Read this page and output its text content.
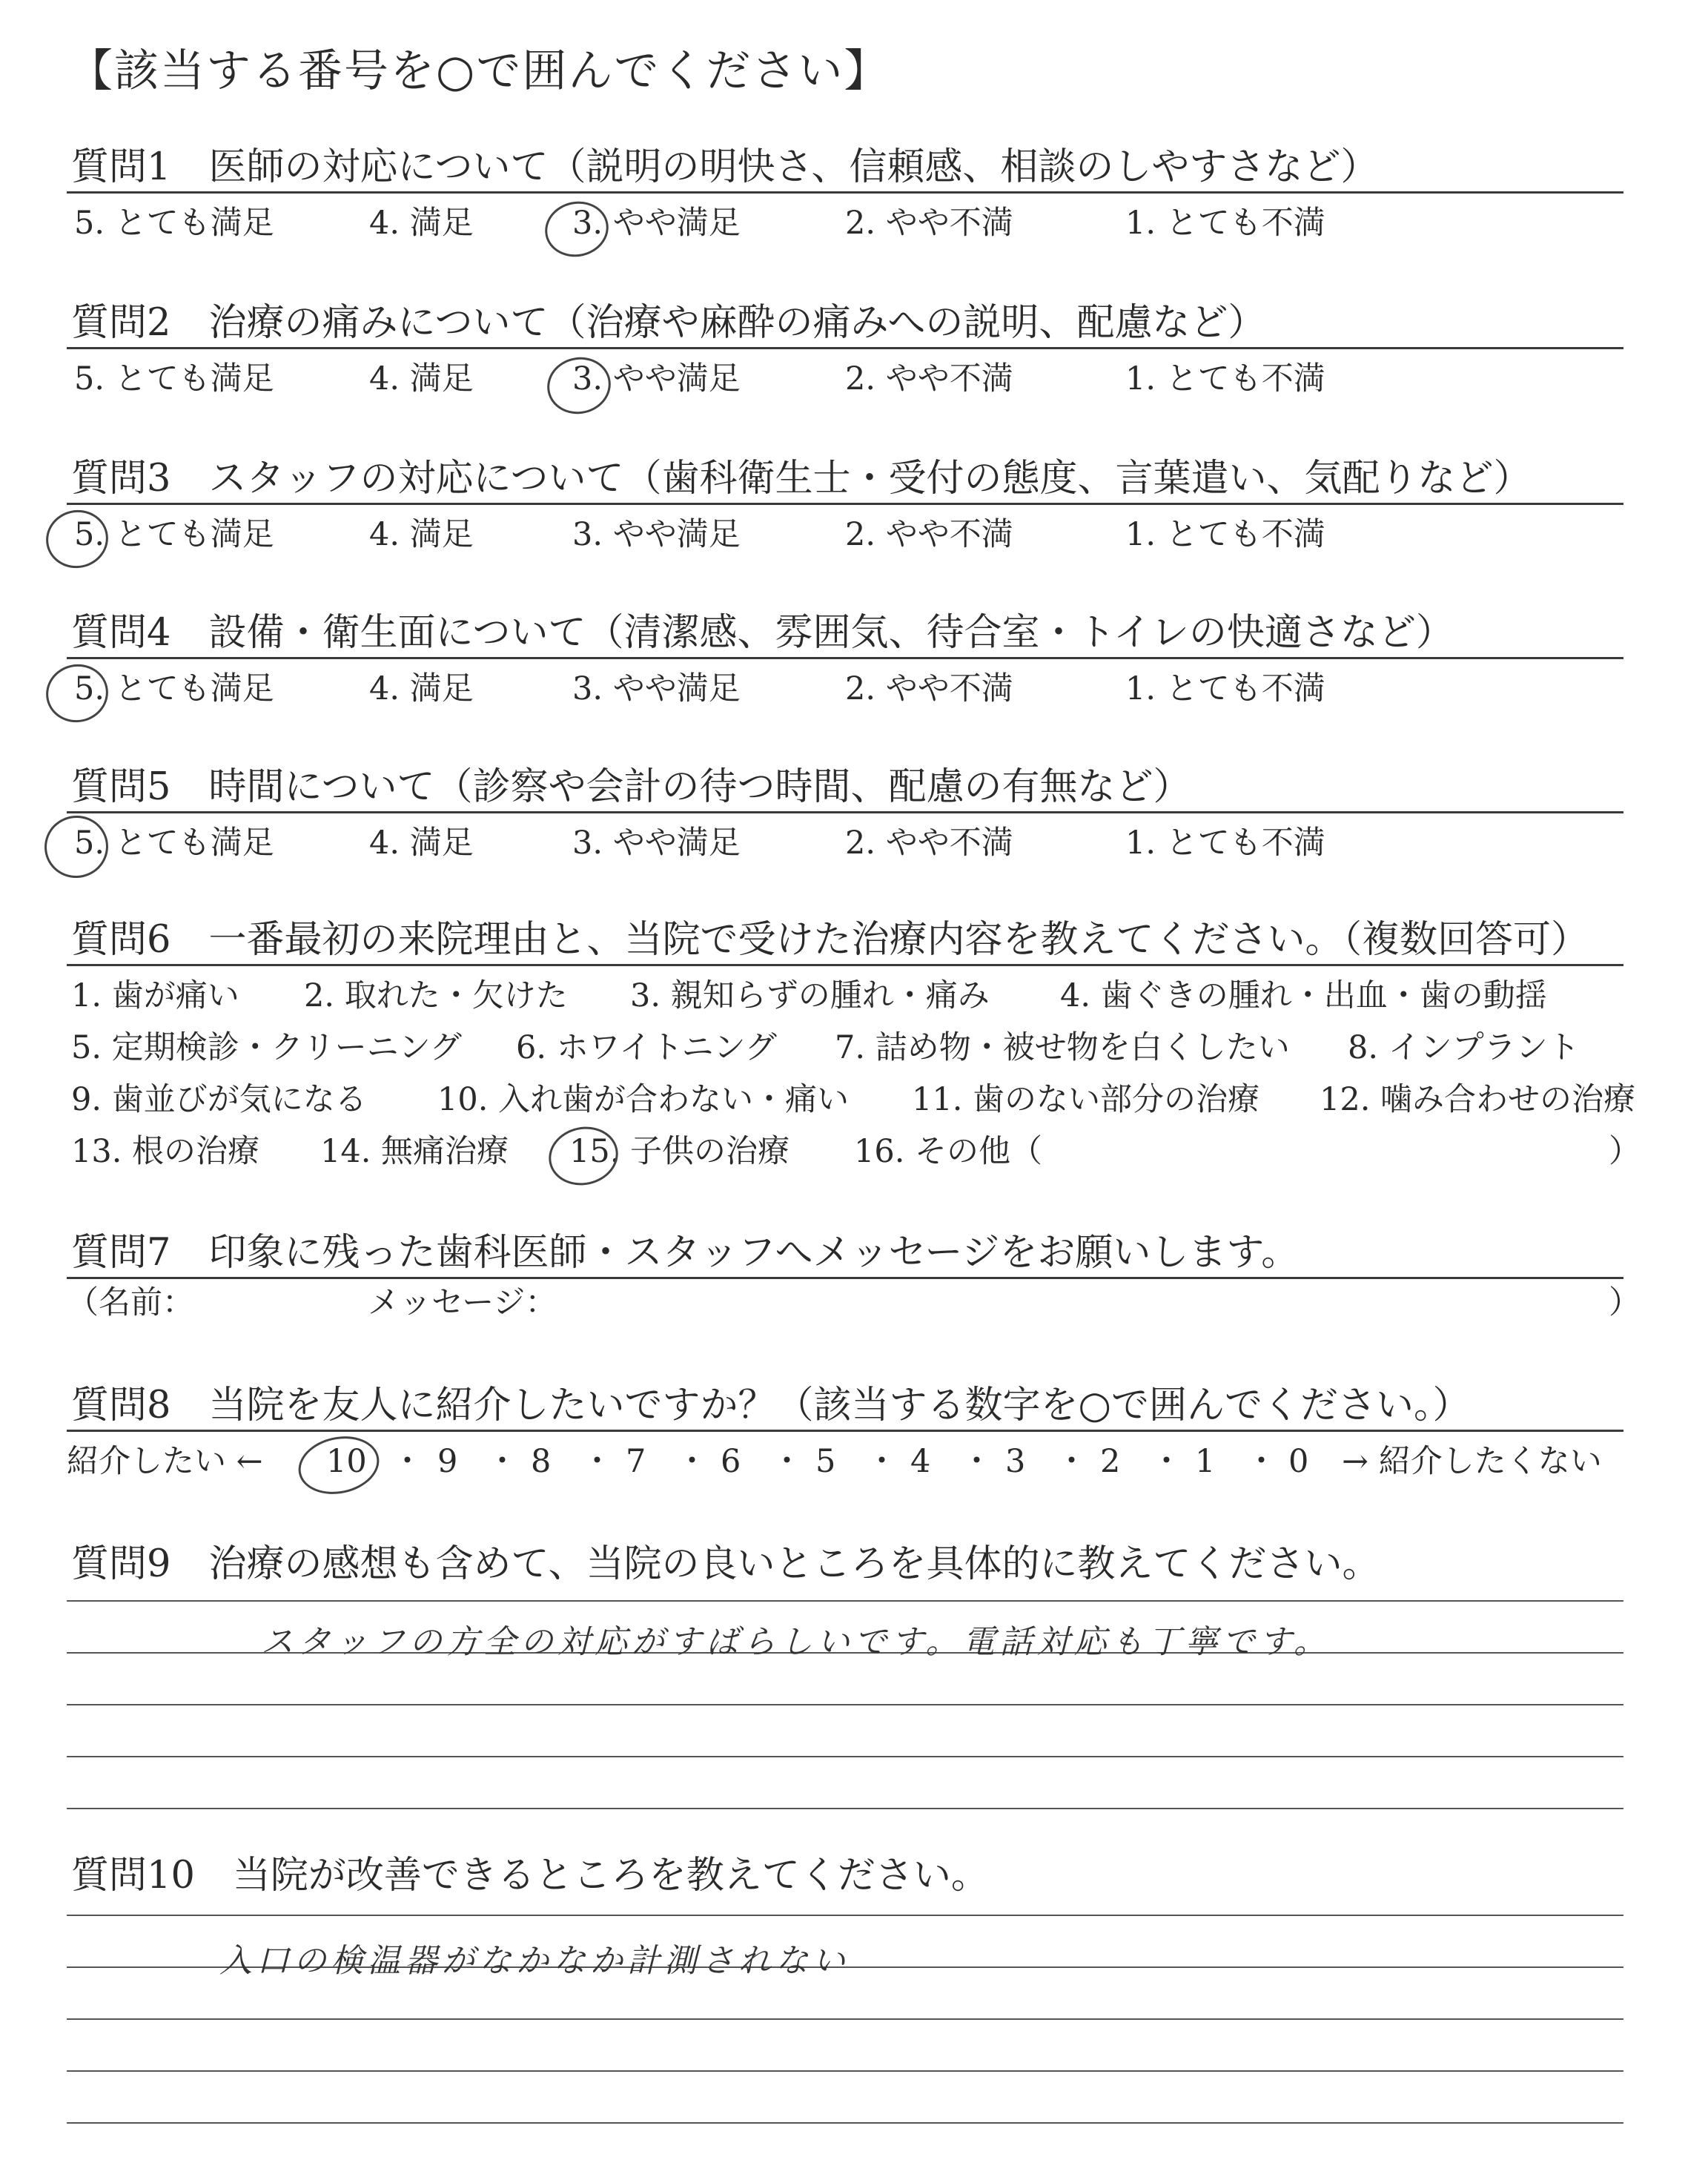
【該当する番号を○で囲んでください】
質問1　 医師の対応について（説明の明快さ、信頼感、相談のしやすさなど）
5. とても満足	4. 満足	3. やや満足	2. やや不満	1. とても不満
質問2　 治療の痛みについて（治療や麻酔の痛みへの説明、配慮など）
5. とても満足	4. 満足	3. やや満足	2. やや不満	1. とても不満
質問3　 スタッフの対応について（歯科衛生士・受付の態度、言葉遣い、気配りなど）
5. とても満足	4. 満足	3. やや満足	2. やや不満	1. とても不満
質問4　 設備・衛生面について（清潔感、雰囲気、待合室・トイレの快適さなど）
5. とても満足	4. 満足	3. やや満足	2. やや不満	1. とても不満
質問5　 時間について（診察や会計の待つ時間、配慮の有無など）
5. とても満足	4. 満足	3. やや満足	2. やや不満	1. とても不満
質問6　 一番最初の来院理由と、当院で受けた治療内容を教えてください。（複数回答可）
1. 歯が痛い 2. 取れた・欠けた 3. 親知らずの腫れ・痛み 4. 歯ぐきの腫れ・出血・歯の動揺
5. 定期検診・クリーニング 6. ホワイトニング 7. 詰め物・被せ物を白くしたい 8. インプラント
9. 歯並びが気になる 10. 入れ歯が合わない・痛い 11. 歯のない部分の治療 12. 噛み合わせの治療
13. 根の治療 14. 無痛治療 15. 子供の治療 16. その他（	）
質問7　 印象に残った歯科医師・スタッフへメッセージをお願いします。
（名前：	メッセージ：	）
質問8　 当院を友人に紹介したいですか？（該当する数字を○で囲んでください。）
紹介したい ← 10 ・ 9 ・ 8 ・ 7 ・ 6 ・ 5 ・ 4 ・ 3 ・ 2 ・ 1 ・ 0 → 紹介したくない
質問9　 治療の感想も含めて、当院の良いところを具体的に教えてください。
スタッフの方全の対応がすばらしいです。電話対応も丁寧です。
質問10　 当院が改善できるところを教えてください。
入口の検温器がなかなか計測されない
